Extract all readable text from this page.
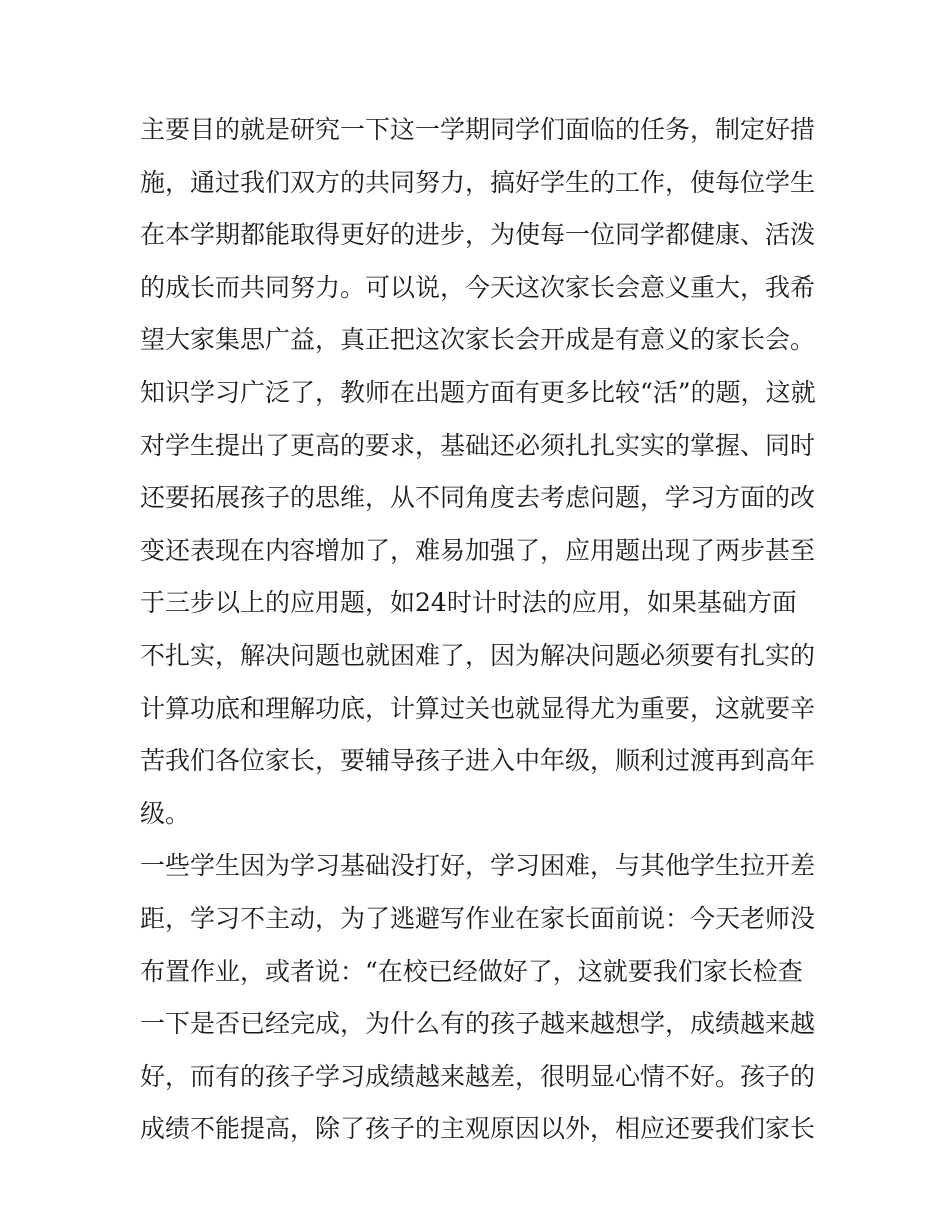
主要目的就是研究一下这一学期同学们面临的任务，制定好措
施，通过我们双方的共同努力，搞好学生的工作，使每位学生
在本学期都能取得更好的进步，为使每一位同学都健康、活泼
的成长而共同努力。可以说，今天这次家长会意义重大，我希
望大家集思广益，真正把这次家长会开成是有意义的家长会。
知识学习广泛了，教师在出题方面有更多比较“活”的题，这就
对学生提出了更高的要求，基础还必须扎扎实实的掌握、同时
还要拓展孩子的思维，从不同角度去考虑问题，学习方面的改
变还表现在内容增加了，难易加强了，应用题出现了两步甚至
于三步以上的应用题，如24时计时法的应用，如果基础方面
不扎实，解决问题也就困难了，因为解决问题必须要有扎实的
计算功底和理解功底，计算过关也就显得尤为重要，这就要辛
苦我们各位家长，要辅导孩子进入中年级，顺利过渡再到高年
级。
一些学生因为学习基础没打好，学习困难，与其他学生拉开差
距，学习不主动，为了逃避写作业在家长面前说：今天老师没
布置作业，或者说：“在校已经做好了，这就要我们家长检查
一下是否已经完成，为什么有的孩子越来越想学，成绩越来越
好，而有的孩子学习成绩越来越差，很明显心情不好。孩子的
成绩不能提高，除了孩子的主观原因以外，相应还要我们家长
